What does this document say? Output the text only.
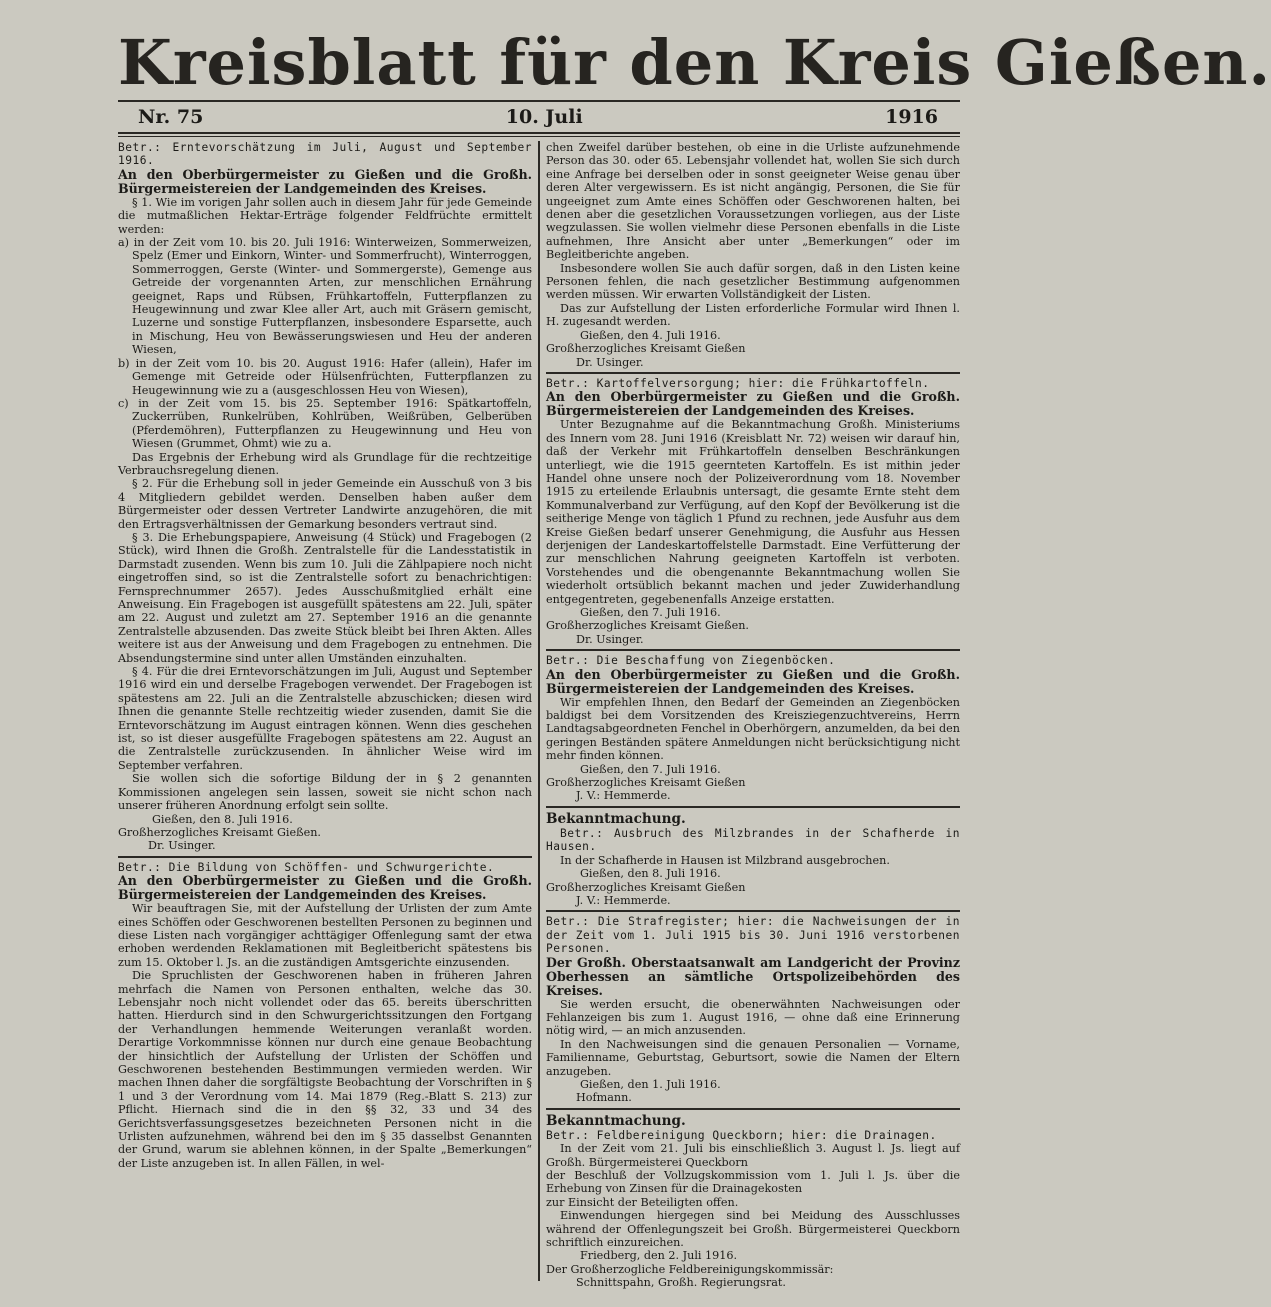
Kreisblatt für den Kreis Gießen.
Nr. 75	10. Juli	1916

Betr.: Erntevorschätzung im Juli, August und September 1916.

An den Oberbürgermeister zu Gießen und die Großh. Bürgermeistereien der Landgemeinden des Kreises.

§ 1. Wie im vorigen Jahr sollen auch in diesem Jahr für jede Gemeinde die mutmaßlichen Hektar-Erträge folgender Feldfrüchte ermittelt werden:

a) in der Zeit vom 10. bis 20. Juli 1916: Winterweizen, Sommerweizen, Spelz (Emer und Einkorn, Winter- und Sommerfrucht), Winterroggen, Sommerroggen, Gerste (Winter- und Sommergerste), Gemenge aus Getreide der vorgenannten Arten, zur menschlichen Ernährung geeignet, Raps und Rübsen, Frühkartoffeln, Futterpflanzen zu Heugewinnung und zwar Klee aller Art, auch mit Gräsern gemischt, Luzerne und sonstige Futterpflanzen, insbesondere Esparsette, auch in Mischung, Heu von Bewässerungswiesen und Heu der anderen Wiesen,

b) in der Zeit vom 10. bis 20. August 1916: Hafer (allein), Hafer im Gemenge mit Getreide oder Hülsenfrüchten, Futterpflanzen zu Heugewinnung wie zu a (ausgeschlossen Heu von Wiesen),

c) in der Zeit vom 15. bis 25. September 1916: Spätkartoffeln, Zuckerrüben, Runkelrüben, Kohlrüben, Weißrüben, Gelberüben (Pferdemöhren), Futterpflanzen zu Heugewinnung und Heu von Wiesen (Grummet, Ohmt) wie zu a.

Das Ergebnis der Erhebung wird als Grundlage für die rechtzeitige Verbrauchsregelung dienen.

§ 2. Für die Erhebung soll in jeder Gemeinde ein Ausschuß von 3 bis 4 Mitgliedern gebildet werden. Denselben haben außer dem Bürgermeister oder dessen Vertreter Landwirte anzugehören, die mit den Ertragsverhältnissen der Gemarkung besonders vertraut sind.

§ 3. Die Erhebungspapiere, Anweisung (4 Stück) und Fragebogen (2 Stück), wird Ihnen die Großh. Zentralstelle für die Landesstatistik in Darmstadt zusenden. Wenn bis zum 10. Juli die Zählpapiere noch nicht eingetroffen sind, so ist die Zentralstelle sofort zu benachrichtigen: Fernsprechnummer 2657). Jedes Ausschußmitglied erhält eine Anweisung. Ein Fragebogen ist ausgefüllt spätestens am 22. Juli, später am 22. August und zuletzt am 27. September 1916 an die genannte Zentralstelle abzusenden. Das zweite Stück bleibt bei Ihren Akten. Alles weitere ist aus der Anweisung und dem Fragebogen zu entnehmen. Die Absendungstermine sind unter allen Umständen einzuhalten.

§ 4. Für die drei Erntevorschätzungen im Juli, August und September 1916 wird ein und derselbe Fragebogen verwendet. Der Fragebogen ist spätestens am 22. Juli an die Zentralstelle abzuschicken; diesen wird Ihnen die genannte Stelle rechtzeitig wieder zusenden, damit Sie die Erntevorschätzung im August eintragen können. Wenn dies geschehen ist, so ist dieser ausgefüllte Fragebogen spätestens am 22. August an die Zentralstelle zurückzusenden. In ähnlicher Weise wird im September verfahren.

Sie wollen sich die sofortige Bildung der in § 2 genannten Kommissionen angelegen sein lassen, soweit sie nicht schon nach unserer früheren Anordnung erfolgt sein sollte.

Gießen, den 8. Juli 1916.

Großherzogliches Kreisamt Gießen.

Dr. Usinger.

Betr.: Die Bildung von Schöffen- und Schwurgerichte.

An den Oberbürgermeister zu Gießen und die Großh. Bürgermeistereien der Landgemeinden des Kreises.

Wir beauftragen Sie, mit der Aufstellung der Urlisten der zum Amte eines Schöffen oder Geschworenen bestellten Personen zu beginnen und diese Listen nach vorgängiger achttägiger Offenlegung samt der etwa erhoben werdenden Reklamationen mit Begleitbericht spätestens bis zum 15. Oktober l. Js. an die zuständigen Amtsgerichte einzusenden.

Die Spruchlisten der Geschworenen haben in früheren Jahren mehrfach die Namen von Personen enthalten, welche das 30. Lebensjahr noch nicht vollendet oder das 65. bereits überschritten hatten. Hierdurch sind in den Schwurgerichtssitzungen den Fortgang der Verhandlungen hemmende Weiterungen veranlaßt worden. Derartige Vorkommnisse können nur durch eine genaue Beobachtung der hinsichtlich der Aufstellung der Urlisten der Schöffen und Geschworenen bestehenden Bestimmungen vermieden werden. Wir machen Ihnen daher die sorgfältigste Beobachtung der Vorschriften in § 1 und 3 der Verordnung vom 14. Mai 1879 (Reg.-Blatt S. 213) zur Pflicht. Hiernach sind die in den §§ 32, 33 und 34 des Gerichtsverfassungsgesetzes bezeichneten Personen nicht in die Urlisten aufzunehmen, während bei den im § 35 dasselbst Genannten der Grund, warum sie ablehnen können, in der Spalte „Bemerkungen“ der Liste anzugeben ist. In allen Fällen, in wel-

chen Zweifel darüber bestehen, ob eine in die Urliste aufzunehmende Person das 30. oder 65. Lebensjahr vollendet hat, wollen Sie sich durch eine Anfrage bei derselben oder in sonst geeigneter Weise genau über deren Alter vergewissern. Es ist nicht angängig, Personen, die Sie für ungeeignet zum Amte eines Schöffen oder Geschworenen halten, bei denen aber die gesetzlichen Voraussetzungen vorliegen, aus der Liste wegzulassen. Sie wollen vielmehr diese Personen ebenfalls in die Liste aufnehmen, Ihre Ansicht aber unter „Bemerkungen“ oder im Begleitberichte angeben.

Insbesondere wollen Sie auch dafür sorgen, daß in den Listen keine Personen fehlen, die nach gesetzlicher Bestimmung aufgenommen werden müssen. Wir erwarten Vollständigkeit der Listen.

Das zur Aufstellung der Listen erforderliche Formular wird Ihnen l. H. zugesandt werden.

Gießen, den 4. Juli 1916.

Großherzogliches Kreisamt Gießen

Dr. Usinger.

Betr.: Kartoffelversorgung; hier: die Frühkartoffeln.

An den Oberbürgermeister zu Gießen und die Großh. Bürgermeistereien der Landgemeinden des Kreises.

Unter Bezugnahme auf die Bekanntmachung Großh. Ministeriums des Innern vom 28. Juni 1916 (Kreisblatt Nr. 72) weisen wir darauf hin, daß der Verkehr mit Frühkartoffeln denselben Beschränkungen unterliegt, wie die 1915 geernteten Kartoffeln. Es ist mithin jeder Handel ohne unsere noch der Polizeiverordnung vom 18. November 1915 zu erteilende Erlaubnis untersagt, die gesamte Ernte steht dem Kommunalverband zur Verfügung, auf den Kopf der Bevölkerung ist die seitherige Menge von täglich 1 Pfund zu rechnen, jede Ausfuhr aus dem Kreise Gießen bedarf unserer Genehmigung, die Ausfuhr aus Hessen derjenigen der Landeskartoffelstelle Darmstadt. Eine Verfütterung der zur menschlichen Nahrung geeigneten Kartoffeln ist verboten. Vorstehendes und die obengenannte Bekanntmachung wollen Sie wiederholt ortsüblich bekannt machen und jeder Zuwiderhandlung entgegentreten, gegebenenfalls Anzeige erstatten.

Gießen, den 7. Juli 1916.

Großherzogliches Kreisamt Gießen.

Dr. Usinger.

Betr.: Die Beschaffung von Ziegenböcken.

An den Oberbürgermeister zu Gießen und die Großh. Bürgermeistereien der Landgemeinden des Kreises.

Wir empfehlen Ihnen, den Bedarf der Gemeinden an Ziegenböcken baldigst bei dem Vorsitzenden des Kreisziegenzuchtvereins, Herrn Landtagsabgeordneten Fenchel in Oberhörgern, anzumelden, da bei den geringen Beständen spätere Anmeldungen nicht berücksichtigung nicht mehr finden können.

Gießen, den 7. Juli 1916.

Großherzogliches Kreisamt Gießen

J. V.: Hemmerde.

Bekanntmachung.

Betr.: Ausbruch des Milzbrandes in der Schafherde in Hausen.

In der Schafherde in Hausen ist Milzbrand ausgebrochen.

Gießen, den 8. Juli 1916.

Großherzogliches Kreisamt Gießen

J. V.: Hemmerde.

Betr.: Die Strafregister; hier: die Nachweisungen der in der Zeit vom 1. Juli 1915 bis 30. Juni 1916 verstorbenen Personen.

Der Großh. Oberstaatsanwalt am Landgericht der Provinz Oberhessen an sämtliche Ortspolizeibehörden des Kreises.

Sie werden ersucht, die obenerwähnten Nachweisungen oder Fehlanzeigen bis zum 1. August 1916, — ohne daß eine Erinnerung nötig wird, — an mich anzusenden.

In den Nachweisungen sind die genauen Personalien — Vorname, Familienname, Geburtstag, Geburtsort, sowie die Namen der Eltern anzugeben.

Gießen, den 1. Juli 1916.

Hofmann.

Bekanntmachung.

Betr.: Feldbereinigung Queckborn; hier: die Drainagen.

In der Zeit vom 21. Juli bis einschließlich 3. August l. Js. liegt auf Großh. Bürgermeisterei Queckborn

der Beschluß der Vollzugskommission vom 1. Juli l. Js. über die Erhebung von Zinsen für die Drainagekosten

zur Einsicht der Beteiligten offen.

Einwendungen hiergegen sind bei Meidung des Ausschlusses während der Offenlegungszeit bei Großh. Bürgermeisterei Queckborn schriftlich einzureichen.

Friedberg, den 2. Juli 1916.

Der Großherzogliche Feldbereinigungskommissär:

Schnittspahn, Großh. Regierungsrat.
